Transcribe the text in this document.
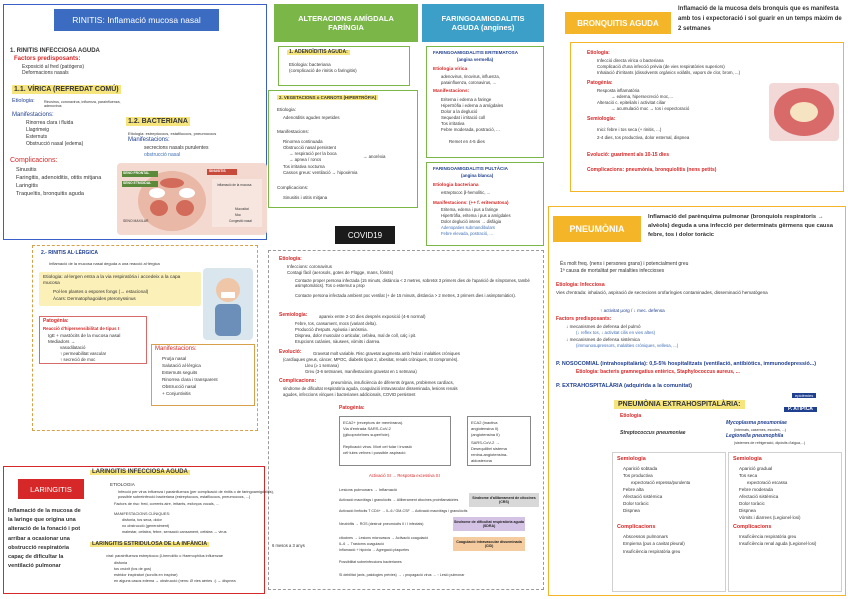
RINITIS: Inflamació mucosa nasal
1. RINITIS INFECCIOSA AGUDA
Factors predisposants:
Exposició al fred (patògens)
Deformacions nasals
1.1. VÍRICA (REFREDAT COMÚ)
Etiologia:	Rinovirus, coronavirus, influenza, parainfluenza, adenovirus
Manifestacions:
Rinorrea clara i fluida
Llagrimeig
Esternuts
Obstrucció nasal (edema)
1.2. BACTERIANA
Etiologia: estreptococs, estafilococs, pneumococs
Manifestacions:
secrecions nasals purulentes
obstrucció nasal
Complicacions:
Sinusitis
Faringitis, adenoiditis, otitis mitjana
Laringitis
Traqueïtis, bronquitis aguda
SENO FRONTAL
SENO ETMOIDAL
SENO MAXILAR
SINUSITIS
Inflamació de la mucosa
Mucositat
Moc
Congestió nasal
2.- RINITIS AL·LÈRGICA
Inflamació de la mucosa nasal deguda a una reacció al·lèrgica
Etiologia: al·lergen entra a la via respiratòria i accedeix a la capa mucosa
Pol·len plantes o espores fongs (→ estacional)
Àcars: Dermatophagoides pteronyssinus
Patogènia:
Reacció d'hipersensibilitat de tipus I
IgE + mastòcits de la mucosa nasal
Mediadors →
vasodilatació
↑ permeabilitat vascular
↑ secreció de moc
Manifestacions:
Pruïja nasal
Salutació al·lèrgica
Esternuts seguits
Rinorrea clara i transparent
Obstrucció nasal
+ Conjuntivitis
ALTERACIONS AMÍGDALA FARÍNGIA
1. ADENOÏDITIS AGUDA:
Etiologia: bacteriana
(complicació de rinitis o faringitis)
2. VEGETACIONS o CARNOTS (HIPERTRÒFIA)
Etiologia:
Adenoïditis agudes repetides
Manifestacions:
Rinorrea continuada
Obstrucció nasal persistent
→ respiració per la boca
→ apnea / roncs
→ anorèxia
Tos irritativa nocturna
Cassos greus: ventilació → hipoxèmia
Complicacions:
Sinusitis i otitis mitjana
FARINGOAMIGDALITIS AGUDA (angines)
FARINGOAMIGDALITIS ERITEMATOSA
(angina vermella)
Etiologia vírica
adenovirus, rinovirus, influenza,
parainfluenza, coronavirus, ...
Manifestacions:
Eritema i edema a faringe
Hipertròfia i edema a amígdales
Dolor a la deglució
Sequedat i irritació coll
Tos irritativa
Febre moderada, postració, ...
Remet en 4-5 dies
FARINGOAMIGDALITIS PULTÀCIA
(angina blanca)
Etiologia bacteriana
estreptococ β-hemolític, ...
Manifestacions: (++ f. eritematosa)
Eritema, edema i pus a faringe
Hipertròfia, eritema i pus a amígdales
Dolor deglució intens → disfàgia
Adenopaties submandibulars
Febre elevada, postració, ...
BRONQUITIS AGUDA
Inflamació de la mucosa dels bronquis que es manifesta amb tos i expectoració i sol guarir en un temps màxim de 2 setmanes
Etiologia:
Infecció directa vírica o bacteriana
Complicació d'una infecció prèvia (de vies respiratòries superiors)
Inhalació d'irritants (dissolvents orgànics volàtils, vapors de clor, brom, ...)
Patogènia:
Resposta inflamatòria
→ edema, hipersecreció moc,...
Alteració c. epitelials i activitat ciliar
→ acumulació moc → tos i expectoració
Semiologia:
Inici: febre i tos seca (+ rinitis, ...)
2-4 dies, tos productiva, dolor esternal, dispnea
Evolució: guariment als 10-15 dies
Complicacions: pneumònia, bronquiolitis (nens petits)
COVID19
Etiologia:
Infeccions: coronavirus
Contagi fàcil (aerosols, gotes de Flügge, mans, fòmits)
Contacte proper persona infectada (15 minuts, distància < 2 metres, sobretot 3 primers dies de l'aparició de símptomes, també asimptomàtics). Tos o esternut a prop
Contacte persona infectada ambient poc ventilat (+ de 15 minuts, distància > 2 metres, 3 primers dies i asimptomàtics).
Semiologia:	apareix entre 2-10 dies després exposició (4-6 normal)
Febre, tos, cansament, mocs (variant delta).
Producció d'esputs. Agèusia i anòsmia.
Dispnea, dolor muscular o articular, cefalea, mal de coll, calç i pit.
Erupcions cutànies, nàusees, vòmits i diarrea.
Evolució:	Gravetat molt variable. Risc gravetat augmenta amb l'edat i malalties cròniques
(cardíaques greus, càncer, MPOC, diabetis tipus 2, obesitat, renals cròniques, SI compromès).
Lleu (≥ 1 semana)
Greu (3-6 setmanes, manifestacions gravetat en 1 setmana)
Complicacions:	pneumònia, insuficiència de diferents òrgans, problemes cardíacs,
síndrome de dificultat respiratòria aguda, coagulació intravascular disseminada, lesions renals
agudes, infeccions víriques i bacterianes addicionals, COVID persistent
Patogènia:
ECA2+ (receptors de membrana).
Via d'entrada SARS-CoV-2
(glicoproteïnes superfície).
Replicació virus. Mort cel·lular i invasió
cèl·lules veïnes i possible aspiració
ECA2 (inactiva
angiotensina II)
(angiotensina II)
SARS-CoV-2 →
Desequilibri sistema
renina-angiotensina-
aldosterona
Activació SI → Resposta excessiva SI
Lesions pulmonars → Inflamació
Activació macròfags i granulòcits → Alliberament citocines proinflamatòries
Activació limfòcits T CD4+ → IL-6 / GM-CSF → Activació macròfags i granulòcits
Neutròfils → ROS (destruir pneumòcits II i I infectats)
citocines → Lesions microvasos → Activació coagulació
IL-6 → Trastorns coagulació
Inflamació + hipòxia → Agregació plaquetes
Possibilitat sobreinfeccions bacterianes
SI debilitat (anis, patologies prèvies) → ↓ propagació virus → ↑ Lesió pulmonar
Síndrome d'alliberament de citocines (CRS)
Síndrome de dificultat respiratòria aguda (SDRA)
Coagulació intravascular disseminada (CID)
LARINGITIS
Inflamació de la mucosa de la laringe que origina una alteració de la fonació i pot arribar a ocasionar una obstrucció respiratòria capaç de dificultar la ventilació pulmonar
LARINGITIS INFECCIOSA AGUDA
ETIOLOGIA
Infecció per virus influenza i parainfluenza (per complicació de rinitis o de faringoamigdalitis),
possible sobreinfecció bacteriana (estreptococs, estafilococs, pneumococs, ...)
Factors de risc: fred, corrents aire, irritants, esforços vocals, ...
MANIFESTACIONS CLÍNIQUES:
disfonia, tos seca, dolor
no obstrucció (generalment)
malestar, cefalea, febre, sensació cansament, cefalea → virus
LARINGITIS ESTRIDULOSA DE LA INFÀNCIA	6 mesos a 3 anys
viral: parainfluenza estreptococ β-hemolític o Haemophilus influenzae
disfonia
tos cruixit (tos de gos)
estridor inspiratori (sorolls en inspirar)
en alguns casos edema → obstrucció (nens: Ø vies aèries ↓) → dispnea
PNEUMÒNIA
Inflamació del parènquima pulmonar (bronquiols respiratoris → alvèols) deguda a una infecció per determinats gèrmens que causa febre, tos i dolor toràcic
És molt freq. (nens i persones grans) i potencialment greu
1ª causa de mortalitat per malalties infeccioses
Etiologia: Infecciosa
Vies d'entrada: inhalació, aspiració de secrecions orofaríngies contaminades, disseminació hematògena
↑ activitat μorg / ↓ mec. defensa
Factors predisposants:
↓ mecanismes de defensa del pulmó
(↓ reflex tos, ↓ activitat cilis en vies altes)
↓ mecanismes de defensa sistèmica
(immunosupressors, malalties cròniques, vellesa, ...)
P. NOSOCOMIAL (intrahospitalària): 0,5-5% hospitalitzats (ventilació, antibiòtics, immunodepressió...)
Etiologia: bacteris gramnegatius entèrics, Staphylococcus aureus, ...
P. EXTRAHOSPITALÀRIA (adquirida a la comunitat)
PNEUMÒNIA EXTRAHOSPITALÀRIA:
epidèmies
P. ATÍPICA
Etiologia
Streptococcus pneumoniae
Mycoplasma pneumoniae
(internats, casernes, escoles, ...)
Legionella pneumophila
(sistemes de refrigeració, dipòsits d'aigua,...)
Semiologia
Aparició sobtada
Tos productiva
expectoració espessa/purulenta
Febre alta
Afectació sistèmica
Dolor toràcic
Dispnea
Complicacions
Abscessos pulmonars
Empiema (pus a cavitat pleural)
Insuficiència respiratòria greu
Semiologia
Aparició gradual
Tos seca
expectoració escassa
Febre moderada
Afectació sistèmica
Dolor toràcic
Dispnea
Vòmits i diarrees (Legionel·losi)
Complicacions
Insuficiència respiratòria greu
Insuficiència renal aguda (Legionel·losi)
